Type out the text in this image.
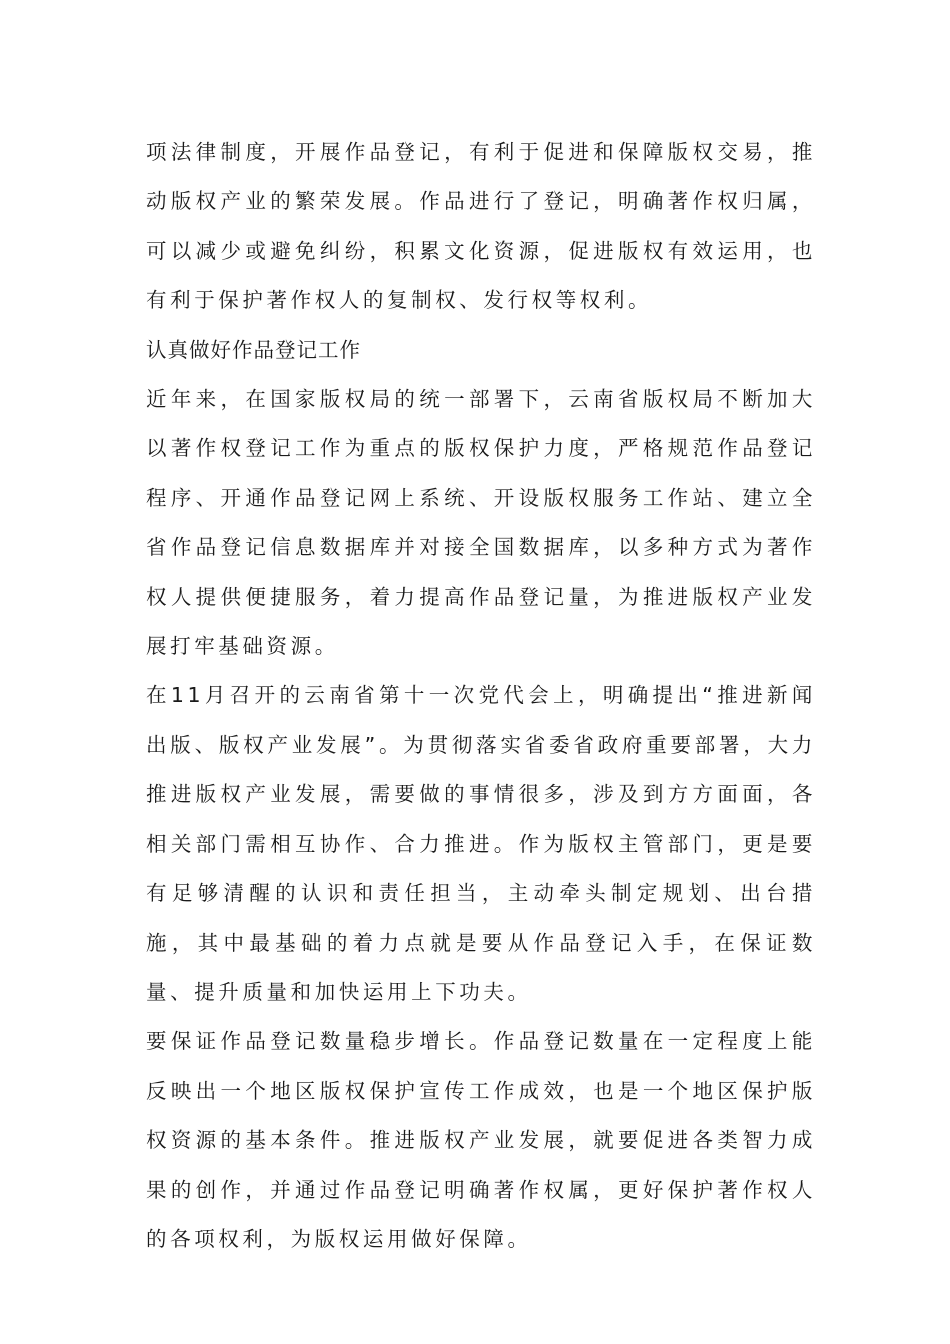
项法律制度，开展作品登记，有利于促进和保障版权交易，推动版权产业的繁荣发展。作品进行了登记，明确著作权归属，可以减少或避免纠纷，积累文化资源，促进版权有效运用，也有利于保护著作权人的复制权、发行权等权利。

认真做好作品登记工作

近年来，在国家版权局的统一部署下，云南省版权局不断加大以著作权登记工作为重点的版权保护力度，严格规范作品登记程序、开通作品登记网上系统、开设版权服务工作站、建立全省作品登记信息数据库并对接全国数据库，以多种方式为著作权人提供便捷服务，着力提高作品登记量，为推进版权产业发展打牢基础资源。

在11月召开的云南省第十一次党代会上，明确提出“推进新闻出版、版权产业发展”。为贯彻落实省委省政府重要部署，大力推进版权产业发展，需要做的事情很多，涉及到方方面面，各相关部门需相互协作、合力推进。作为版权主管部门，更是要有足够清醒的认识和责任担当，主动牵头制定规划、出台措施，其中最基础的着力点就是要从作品登记入手，在保证数量、提升质量和加快运用上下功夫。

要保证作品登记数量稳步增长。作品登记数量在一定程度上能反映出一个地区版权保护宣传工作成效，也是一个地区保护版权资源的基本条件。推进版权产业发展，就要促进各类智力成果的创作，并通过作品登记明确著作权属，更好保护著作权人的各项权利，为版权运用做好保障。
